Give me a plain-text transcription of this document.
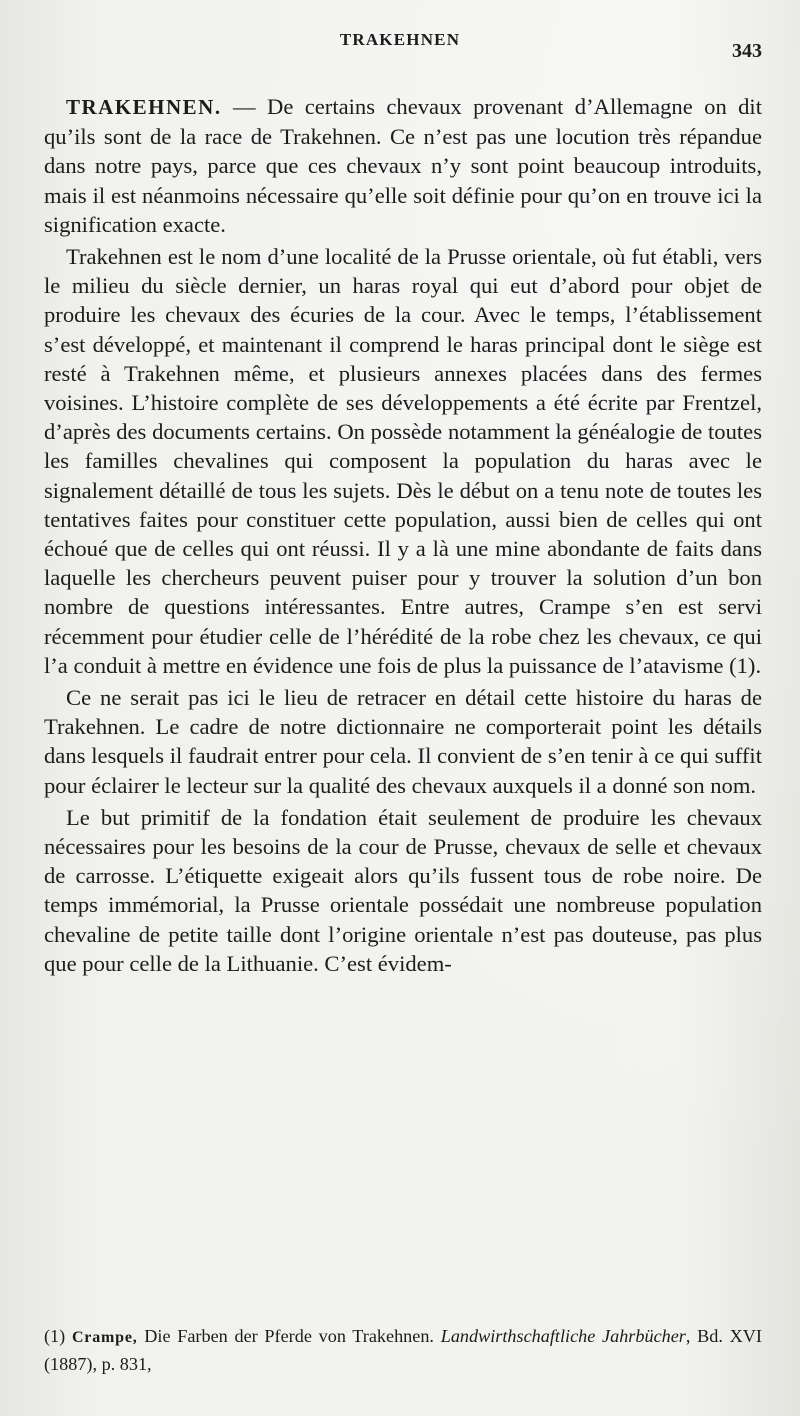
TRAKEHNEN
343

TRAKEHNEN. — De certains chevaux provenant d’Allemagne on dit qu’ils sont de la race de Trakehnen. Ce n’est pas une locution très répandue dans notre pays, parce que ces chevaux n’y sont point beaucoup introduits, mais il est néanmoins nécessaire qu’elle soit définie pour qu’on en trouve ici la signification exacte.

Trakehnen est le nom d’une localité de la Prusse orientale, où fut établi, vers le milieu du siècle dernier, un haras royal qui eut d’abord pour objet de produire les chevaux des écuries de la cour. Avec le temps, l’établissement s’est développé, et maintenant il comprend le haras principal dont le siège est resté à Trakehnen même, et plusieurs annexes placées dans des fermes voisines. L’histoire complète de ses développements a été écrite par Frentzel, d’après des documents certains. On possède notamment la généalogie de toutes les familles chevalines qui composent la population du haras avec le signalement détaillé de tous les sujets. Dès le début on a tenu note de toutes les tentatives faites pour constituer cette population, aussi bien de celles qui ont échoué que de celles qui ont réussi. Il y a là une mine abondante de faits dans laquelle les chercheurs peuvent puiser pour y trouver la solution d’un bon nombre de questions intéressantes. Entre autres, Crampe s’en est servi récemment pour étudier celle de l’hérédité de la robe chez les chevaux, ce qui l’a conduit à mettre en évidence une fois de plus la puissance de l’atavisme (1).

Ce ne serait pas ici le lieu de retracer en détail cette histoire du haras de Trakehnen. Le cadre de notre dictionnaire ne comporterait point les détails dans lesquels il faudrait entrer pour cela. Il convient de s’en tenir à ce qui suffit pour éclairer le lecteur sur la qualité des chevaux auxquels il a donné son nom.

Le but primitif de la fondation était seulement de produire les chevaux nécessaires pour les besoins de la cour de Prusse, chevaux de selle et chevaux de carrosse. L’étiquette exigeait alors qu’ils fussent tous de robe noire. De temps immémorial, la Prusse orientale possédait une nombreuse population chevaline de petite taille dont l’origine orientale n’est pas douteuse, pas plus que pour celle de la Lithuanie. C’est évidem-

(1) Crampe, Die Farben der Pferde von Trakehnen. Landwirthschaftliche Jahrbücher, Bd. XVI (1887), p. 831,
